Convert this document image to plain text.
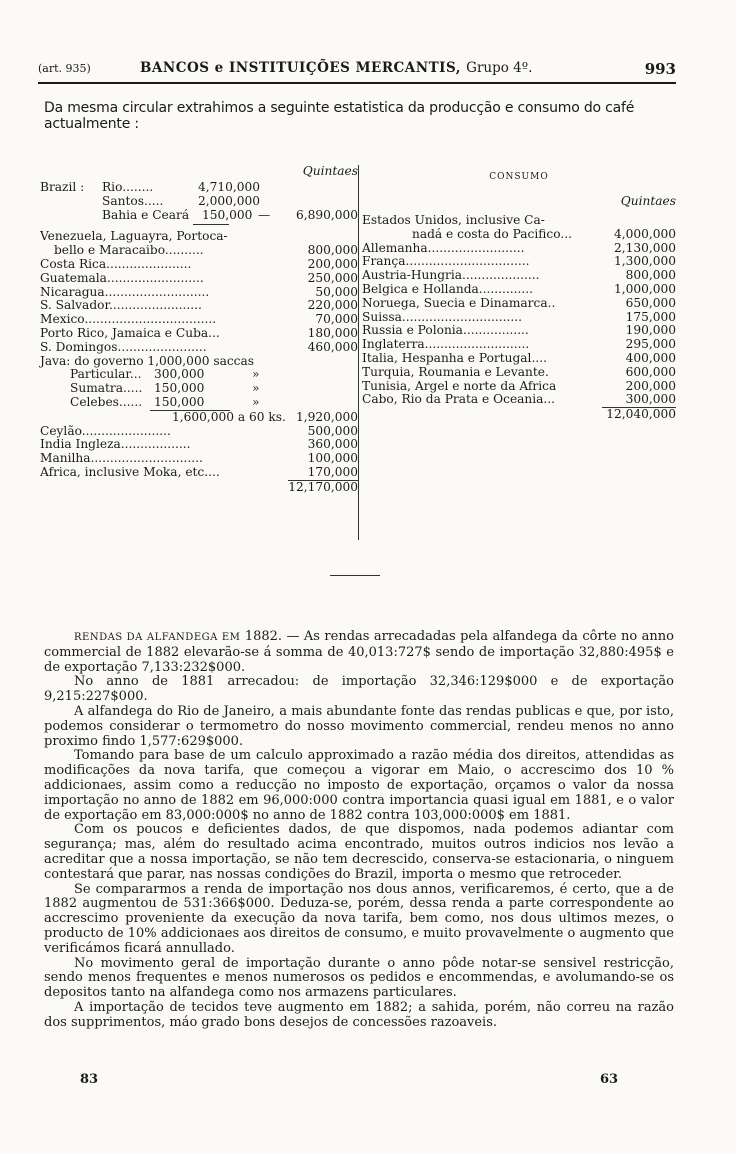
(art. 935)	BANCOS e INSTITUIÇÕES MERCANTIS, Grupo 4º.	993
Da mesma circular extrahimos a seguinte estatistica da producção e consumo do café
actualmente :
Quintaes
Brazil : Rio........	4,710,000
Santos.....	2,000,000
Bahia e Ceará 150,000 — 6,890,000
Venezuela, Laguayra, Portoca-
bello e Maracaibo..........	800,000
Costa Rica......................	200,000
Guatemala.........................	250,000
Nicaragua...........................	50,000
S. Salvador........................	220,000
Mexico..................................	70,000
Porto Rico, Jamaica e Cuba...	180,000
S. Domingos.......................	460,000
Java: do governo 1,000,000 saccas
Particular... 300,000	»
Sumatra..... 150,000	»
Celebes...... 150,000	»
1,600,000 a 60 ks. 1,920,000
Ceylão.......................	500,000
India Ingleza..................	360,000
Manilha.............................	100,000
Africa, inclusive Moka, etc....	170,000
12,170,000
CONSUMO
Quintaes
Estados Unidos, inclusive Ca-
nadá e costa do Pacifico...	4,000,000
Allemanha.........................	2,130,000
França................................	1,300,000
Austria-Hungria....................	800,000
Belgica e Hollanda..............	1,000,000
Noruega, Suecia e Dinamarca..	650,000
Suissa...............................	175,000
Russia e Polonia.................	190,000
Inglaterra...........................	295,000
Italia, Hespanha e Portugal....	400,000
Turquia, Roumania e Levante.	600,000
Tunisia, Argel e norte da Africa	200,000
Cabo, Rio da Prata e Oceania...	300,000
12,040,000

RENDAS DA ALFANDEGA EM 1882. — As rendas arrecadadas pela alfandega da côrte no anno commercial de 1882 elevarão-se á somma de 40,013:727$ sendo de importação 32,880:495$ e de exportação 7,133:232$000.

No anno de 1881 arrecadou: de importação 32,346:129$000 e de exportação 9,215:227$000.

A alfandega do Rio de Janeiro, a mais abundante fonte das rendas publicas e que, por isto, podemos considerar o termometro do nosso movimento commercial, rendeu menos no anno proximo findo 1,577:629$000.

Tomando para base de um calculo approximado a razão média dos direitos, attendidas as modificações da nova tarifa, que começou a vigorar em Maio, o accrescimo dos 10 % addicionaes, assim como a reducção no imposto de exportação, orçamos o valor da nossa importação no anno de 1882 em 96,000:000 contra importancia quasi igual em 1881, e o valor de exportação em 83,000:000$ no anno de 1882 contra 103,000:000$ em 1881.

Com os poucos e deficientes dados, de que dispomos, nada podemos adiantar com segurança; mas, além do resultado acima encontrado, muitos outros indicios nos levão a acreditar que a nossa importação, se não tem decrescido, conserva-se estacionaria, o ninguem contestará que parar, nas nossas condições do Brazil, importa o mesmo que retroceder.

Se compararmos a renda de importação nos dous annos, verificaremos, é certo, que a de 1882 augmentou de 531:366$000. Deduza-se, porém, dessa renda a parte correspondente ao accrescimo proveniente da execução da nova tarifa, bem como, nos dous ultimos mezes, o producto de 10% addicionaes aos direitos de consumo, e muito provavelmente o augmento que verificámos ficará annullado.

No movimento geral de importação durante o anno pôde notar-se sensivel restricção, sendo menos frequentes e menos numerosos os pedidos e encommendas, e avolumando-se os depositos tanto na alfandega como nos armazens particulares.

A importação de tecidos teve augmento em 1882; a sahida, porém, não correu na razão dos supprimentos, máo grado bons desejos de concessões razoaveis.

83	63
